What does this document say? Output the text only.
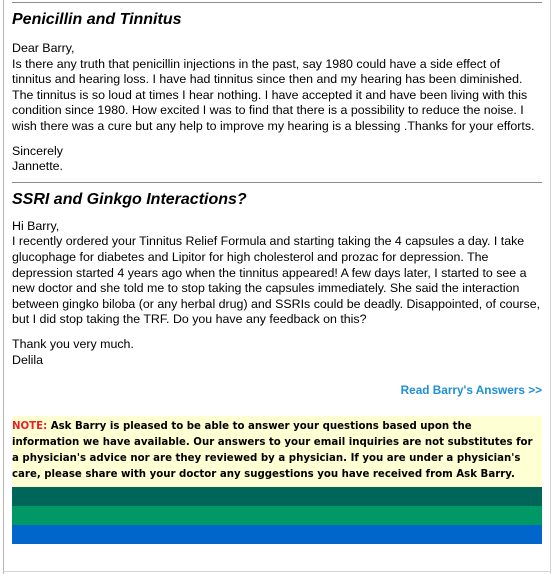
Penicillin and Tinnitus
Dear Barry,
Is there any truth that penicillin injections in the past, say 1980 could have a side effect of tinnitus and hearing loss. I have had tinnitus since then and my hearing has been diminished. The tinnitus is so loud at times I hear nothing. I have accepted it and have been living with this condition since 1980. How excited I was to find that there is a possibility to reduce the noise. I wish there was a cure but any help to improve my hearing is a blessing .Thanks for your efforts.
Sincerely
Jannette.
SSRI and Ginkgo Interactions?
Hi Barry,
I recently ordered your Tinnitus Relief Formula and starting taking the 4 capsules a day. I take glucophage for diabetes and Lipitor for high cholesterol and prozac for depression. The depression started 4 years ago when the tinnitus appeared! A few days later, I started to see a new doctor and she told me to stop taking the capsules immediately. She said the interaction between gingko biloba (or any herbal drug) and SSRIs could be deadly. Disappointed, of course, but I did stop taking the TRF. Do you have any feedback on this?
Thank you very much.
Delila
Read Barry's Answers >>
NOTE: Ask Barry is pleased to be able to answer your questions based upon the information we have available. Our answers to your email inquiries are not substitutes for a physician's advice nor are they reviewed by a physician. If you are under a physician's care, please share with your doctor any suggestions you have received from Ask Barry.
